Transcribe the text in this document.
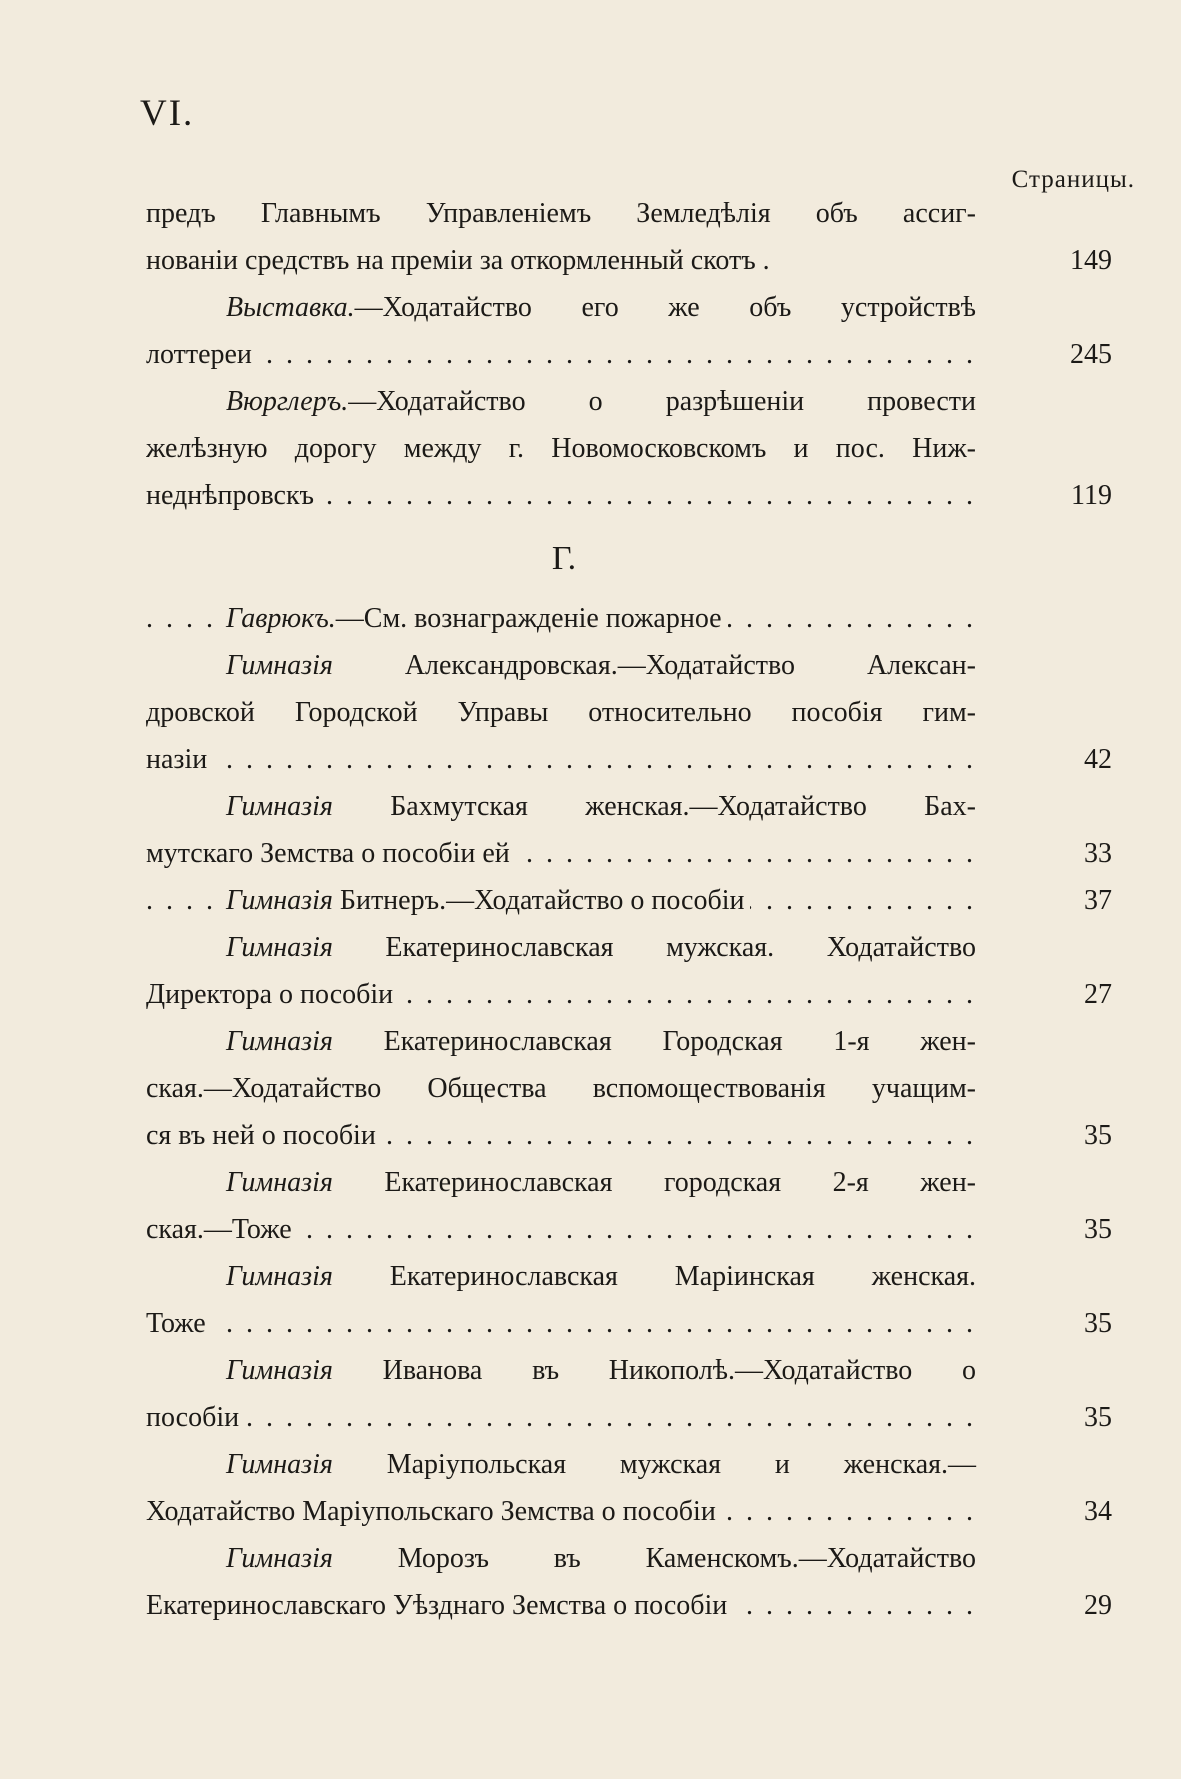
VI.
Страницы.
предъ Главнымъ Управленіемъ Земледѣлія объ ассиг-
нованіи средствъ на преміи за откормленный скотъ .	149
Выставка.—Ходатайство его же объ устройствѣ
лоттереи	245
. . .
Вюрглеръ.—Ходатайство о разрѣшеніи провести
желѣзную дорогу между г. Новомосковскомъ и пос. Ниж-
неднѣпровскъ	119
. . .
Г.
Гаврюкъ.—См. вознагражденіе пожарное . . .
Гимназія Александровская.—Ходатайство Алексан-
дровской Городской Управы относительно пособія гим-
назіи	42
. . .
Гимназія Бахмутская женская.—Ходатайство Бах-
мутскаго Земства о пособіи ей	33
. . .
Гимназія Битнеръ.—Ходатайство о пособіи	37
. . .
Гимназія Екатеринославская мужская. Ходатайство
Директора о пособіи	27
. . .
Гимназія Екатеринославская Городская 1-я жен-
ская.—Ходатайство Общества вспомоществованія учащим-
ся въ ней о пособіи	35
. . .
Гимназія Екатеринославская городская 2-я жен-
ская.—Тоже	35
. . .
Гимназія Екатеринославская Маріинская женская.
Тоже	35
. . .
Гимназія Иванова въ Никополѣ.—Ходатайство о
пособіи	35
. . .
Гимназія Маріупольская мужская и женская.—
Ходатайство Маріупольскаго Земства о пособіи	34
. . .
Гимназія Морозъ въ Каменскомъ.—Ходатайство
Екатеринославскаго Уѣзднаго Земства о пособіи	29
. . .
